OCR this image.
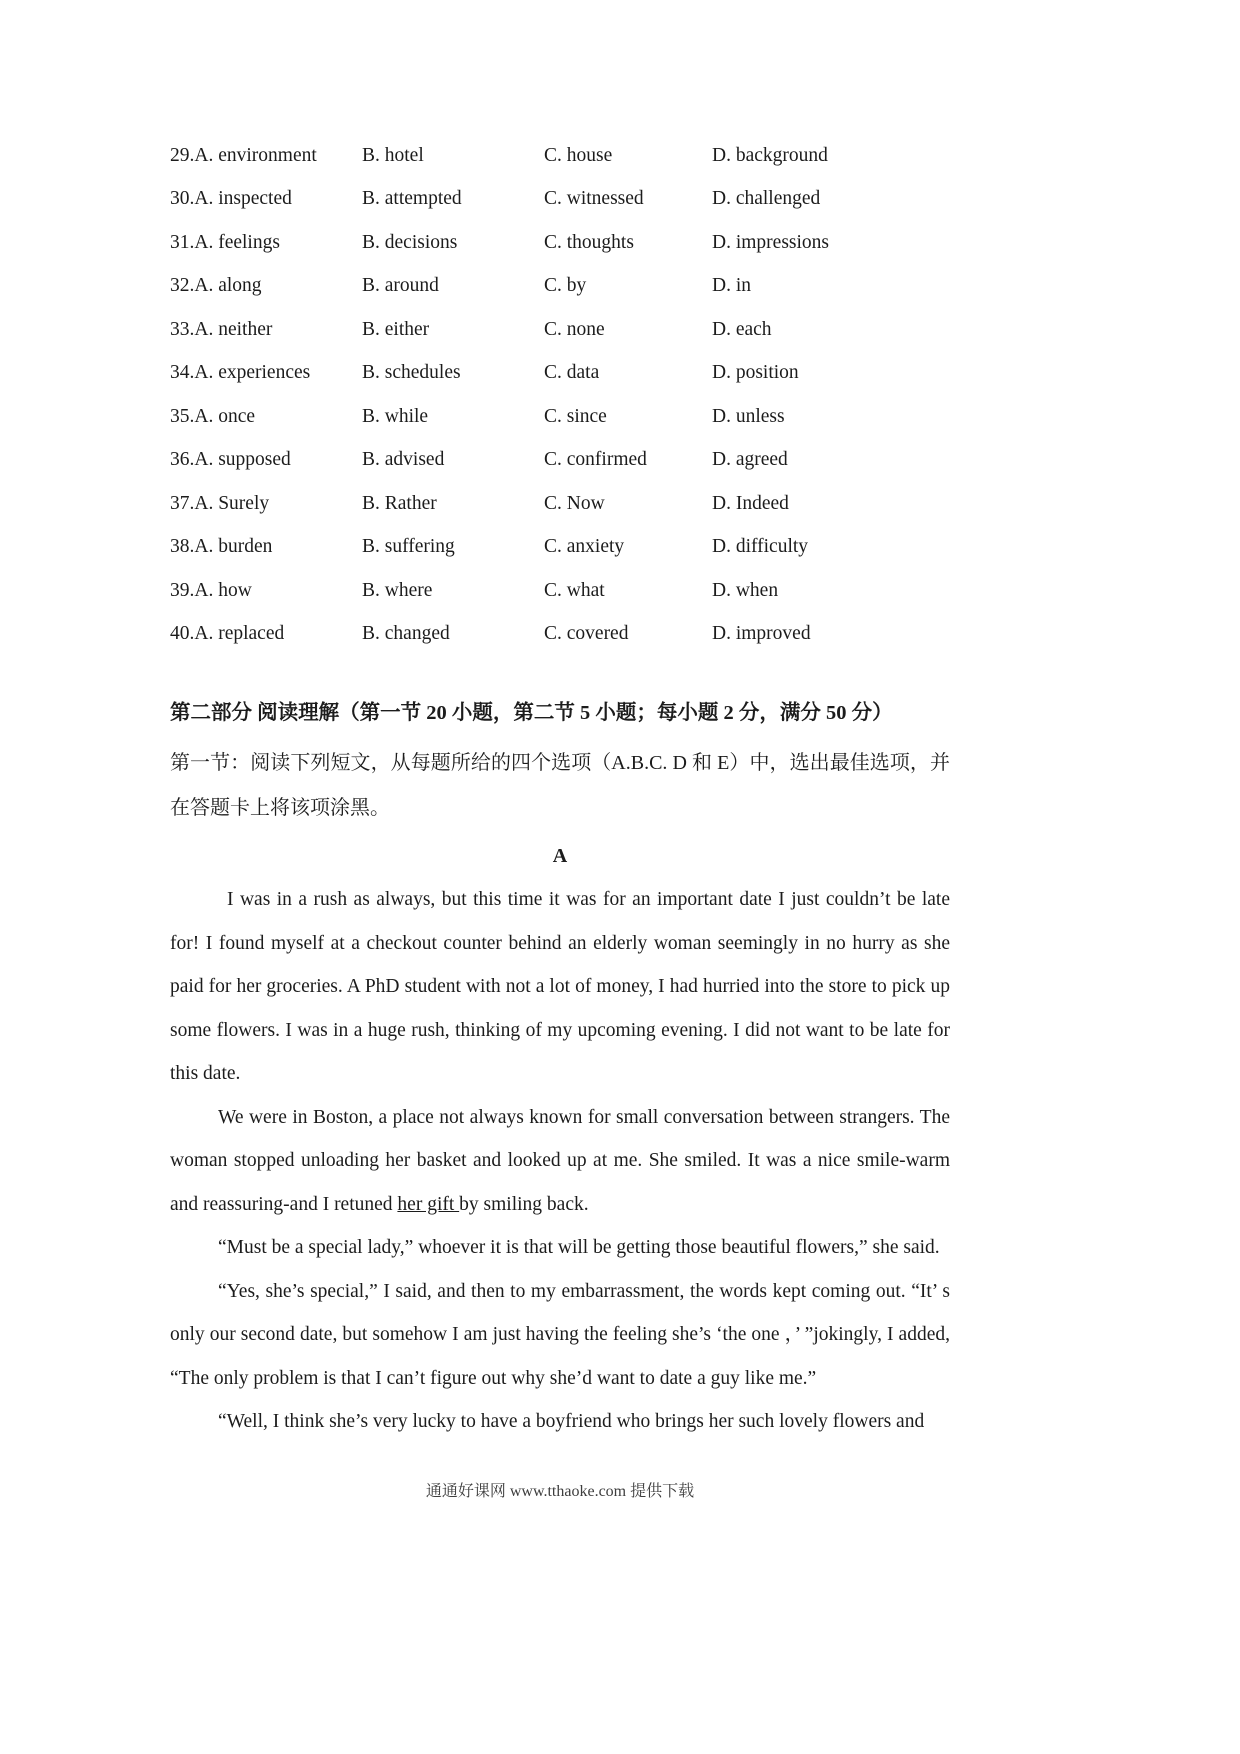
29.A. environment	B. hotel	C. house	D. background
30.A. inspected	B. attempted	C. witnessed	D. challenged
31.A. feelings	B. decisions	C. thoughts	D. impressions
32.A. along	B. around	C. by	D. in
33.A. neither	B. either	C. none	D. each
34.A. experiences	B. schedules	C. data	D. position
35.A. once	B. while	C. since	D. unless
36.A. supposed	B. advised	C. confirmed	D. agreed
37.A. Surely	B. Rather	C. Now	D. Indeed
38.A. burden	B. suffering	C. anxiety	D. difficulty
39.A. how	B. where	C. what	D. when
40.A. replaced	B. changed	C. covered	D. improved
第二部分 阅读理解（第一节 20 小题，第二节 5 小题；每小题 2 分，满分 50 分）

第一节：阅读下列短文，从每题所给的四个选项（A.B.C. D 和 E）中，选出最佳选项，并在答题卡上将该项涂黑。

A

I was in a rush as always, but this time it was for an important date I just couldn’t be late for! I found myself at a checkout counter behind an elderly woman seemingly in no hurry as she paid for her groceries. A PhD student with not a lot of money, I had hurried into the store to pick up some flowers. I was in a huge rush, thinking of my upcoming evening. I did not want to be late for this date.

We were in Boston, a place not always known for small conversation between strangers. The woman stopped unloading her basket and looked up at me. She smiled. It was a nice smile-warm and reassuring-and I retuned her gift by smiling back.

“Must be a special lady,” whoever it is that will be getting those beautiful flowers,” she said.

“Yes, she’s special,” I said, and then to my embarrassment, the words kept coming out. “It’ s only our second date, but somehow I am just having the feeling she’s ‘the one ，’ ”jokingly, I added, “The only problem is that I can’t figure out why she’d want to date a guy like me.”

“Well, I think she’s very lucky to have a boyfriend who brings her such lovely flowers and

通通好课网 www.tthaoke.com 提供下载
